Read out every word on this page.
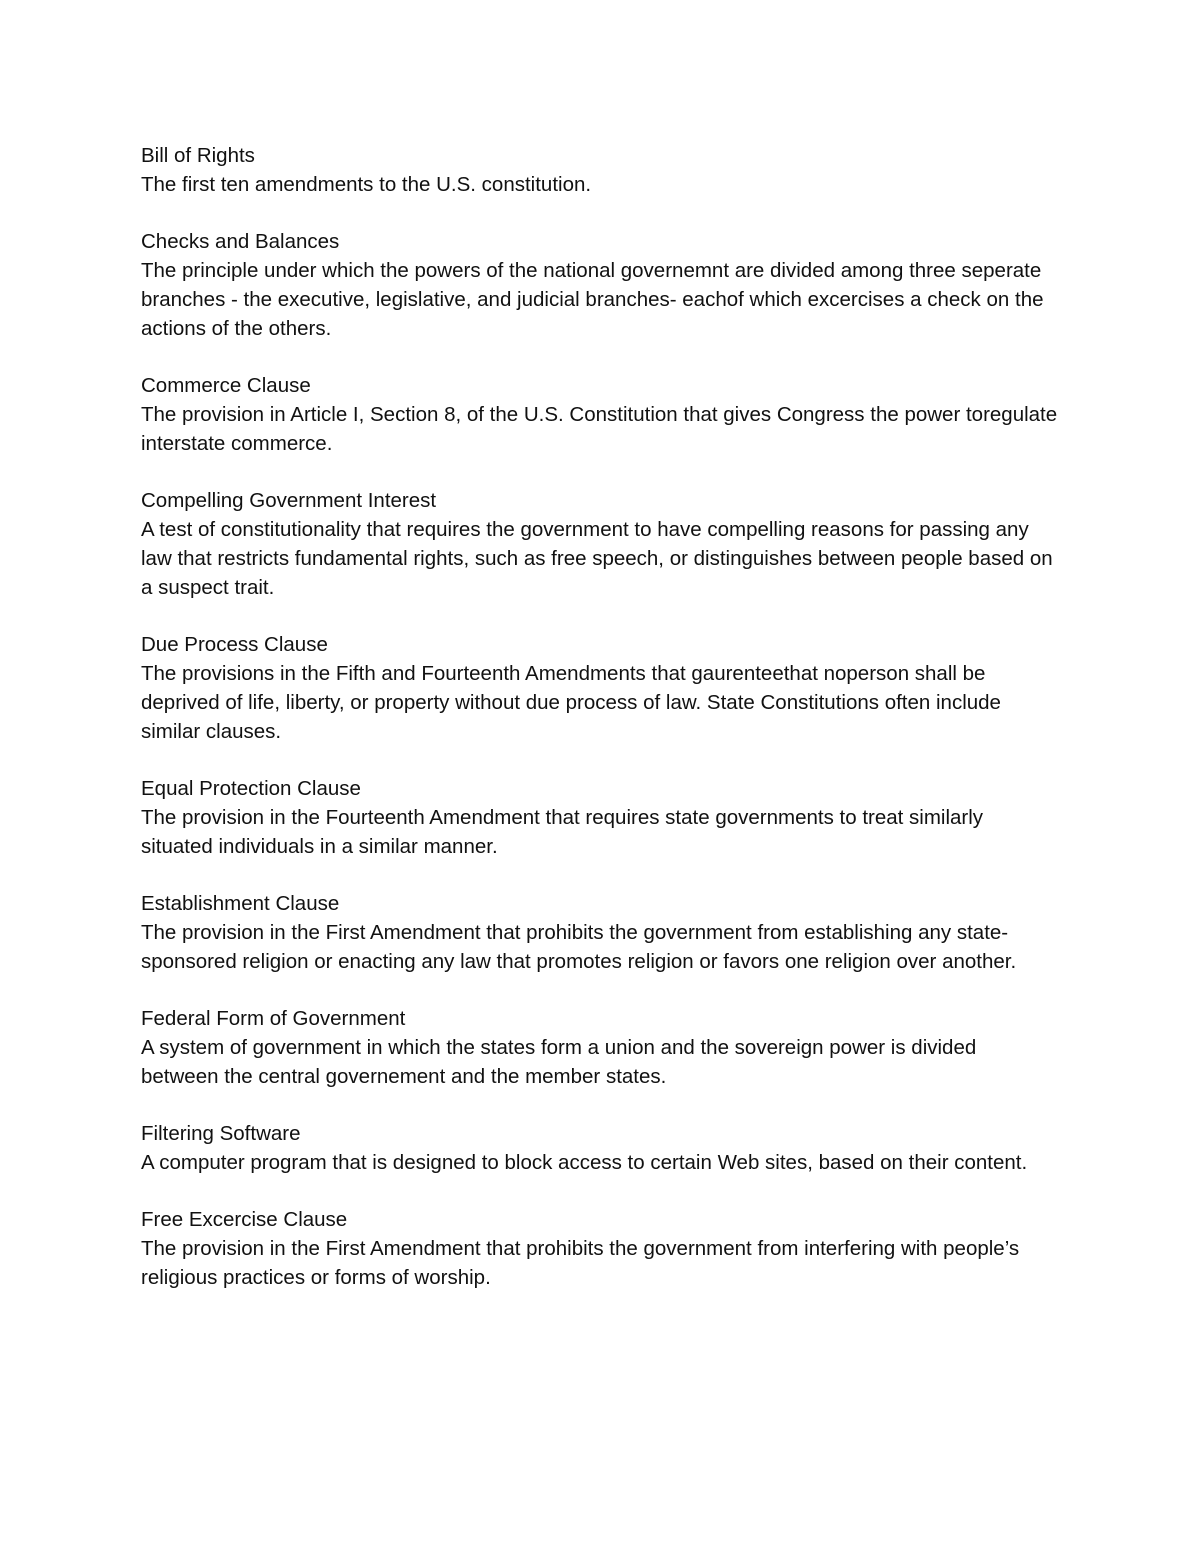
Bill of Rights
The first ten amendments to the U.S. constitution.
Checks and Balances
The principle under which the powers of the national governemnt are divided among three seperate branches - the executive, legislative, and judicial branches- eachof which excercises a check on the actions of the others.
Commerce Clause
The provision in Article I, Section 8, of the U.S. Constitution that gives Congress the power toregulate interstate commerce.
Compelling Government Interest
A test of constitutionality that requires the government to have compelling reasons for passing any law that restricts fundamental rights, such as free speech, or distinguishes between people based on a suspect trait.
Due Process Clause
The provisions in the Fifth and Fourteenth Amendments that gaurenteethat noperson shall be deprived of life, liberty, or property without due process of law. State Constitutions often include similar clauses.
Equal Protection Clause
The provision in the Fourteenth Amendment that requires state governments to treat similarly situated individuals in a similar manner.
Establishment Clause
The provision in the First Amendment that prohibits the government from establishing any state-sponsored religion or enacting any law that promotes religion or favors one religion over another.
Federal Form of Government
A system of government in which the states form a union and the sovereign power is divided between the central governement and the member states.
Filtering Software
A computer program that is designed to block access to certain Web sites, based on their content.
Free Excercise Clause
The provision in the First Amendment that prohibits the government from interfering with people’s religious practices or forms of worship.
